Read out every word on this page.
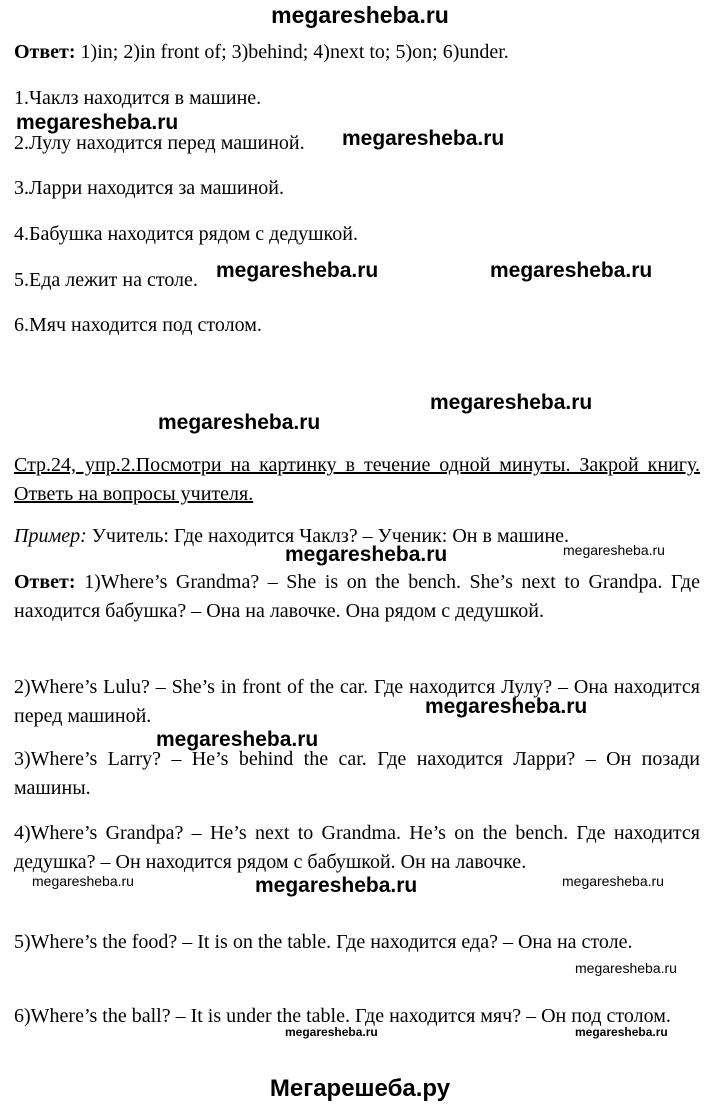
megaresheba.ru

Ответ: 1)in; 2)in front of; 3)behind; 4)next to; 5)on; 6)under.

1.Чаклз находится в машине.

2.Лулу находится перед машиной.

3.Ларри находится за машиной.

4.Бабушка находится рядом с дедушкой.

5.Еда лежит на столе.

6.Мяч находится под столом.

Стр.24, упр.2.Посмотри на картинку в течение одной минуты. Закрой книгу. Ответь на вопросы учителя.

Пример: Учитель: Где находится Чаклз? – Ученик: Он в машине.

Ответ: 1)Where’s Grandma? – She is on the bench. She’s next to Grandpa. Где находится бабушка? – Она на лавочке. Она рядом с дедушкой.

2)Where’s Lulu? – She’s in front of the car. Где находится Лулу? – Она находится перед машиной.

3)Where’s Larry? – He’s behind the car. Где находится Ларри? – Он позади машины.

4)Where’s Grandpa? – He’s next to Grandma. He’s on the bench. Где находится дедушка? – Он находится рядом с бабушкой. Он на лавочке.

5)Where’s the food? – It is on the table. Где находится еда? – Она на столе.

6)Where’s the ball? – It is under the table. Где находится мяч? – Он под столом.

megaresheba.ru
megaresheba.ru
megaresheba.ru	megaresheba.ru
megaresheba.ru
megaresheba.ru
megaresheba.ru	megaresheba.ru
megaresheba.ru
megaresheba.ru
megaresheba.ru	megaresheba.ru	megaresheba.ru
megaresheba.ru
megaresheba.ru	megaresheba.ru
Мегарешеба.ру
